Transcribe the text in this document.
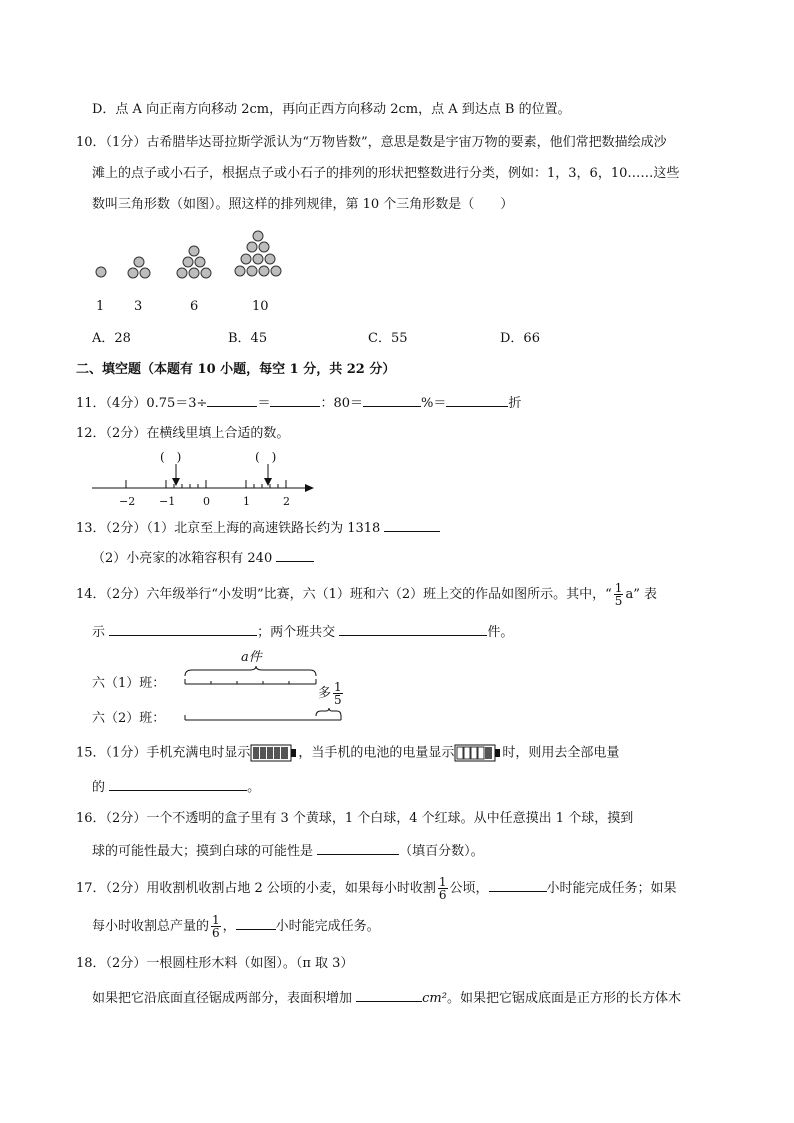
D．点 A 向正南方向移动 2cm，再向正西方向移动 2cm，点 A 到达点 B 的位置。
10．（1分）古希腊毕达哥拉斯学派认为“万物皆数”，意思是数是宇宙万物的要素，他们常把数描绘成沙
滩上的点子或小石子，根据点子或小石子的排列的形状把整数进行分类，例如：1，3，6，10……这些
数叫三角形数（如图）。照这样的排列规律，第 10 个三角形数是（　　）
1 3	6	10
A．28	B．45	C．55	D．66
二、填空题（本题有 10 小题，每空 1 分，共 22 分）
11．（4分）0.75＝3÷	＝	：80＝	%＝	折
12．（2分）在横线里填上合适的数。
(　)	(　)
−2 −1	0	1	2
13．（2分）（1）北京至上海的高速铁路长约为 1318
（2）小亮家的冰箱容积有 240
14．（2分）六年级举行“小发明”比赛，六（1）班和六（2）班上交的作品如图所示。其中，“ $\frac{1}{5} a$” 表
示	；两个班共交	件。
a件
六（1）班：
六（2）班：
多 $\frac{1}{5}$
15．（1分）手机充满电时显示	，当手机的电池的电量显示	时，则用去全部电量
的	。
16．（2分）一个不透明的盒子里有 3 个黄球，1 个白球，4 个红球。从中任意摸出 1 个球，摸到
球的可能性最大；摸到白球的可能性是	（填百分数）。
17．（2分）用收割机收割占地 2 公顷的小麦，如果每小时收割 $\frac{1}{6}$ 公顷，	小时能完成任务；如果
每小时收割总产量的 $\frac{1}{6}$ ，	小时能完成任务。
18．（2分）一根圆柱形木料（如图）。（π 取 3）
如果把它沿底面直径锯成两部分，表面积增加	cm²。如果把它锯成底面是正方形的长方体木
